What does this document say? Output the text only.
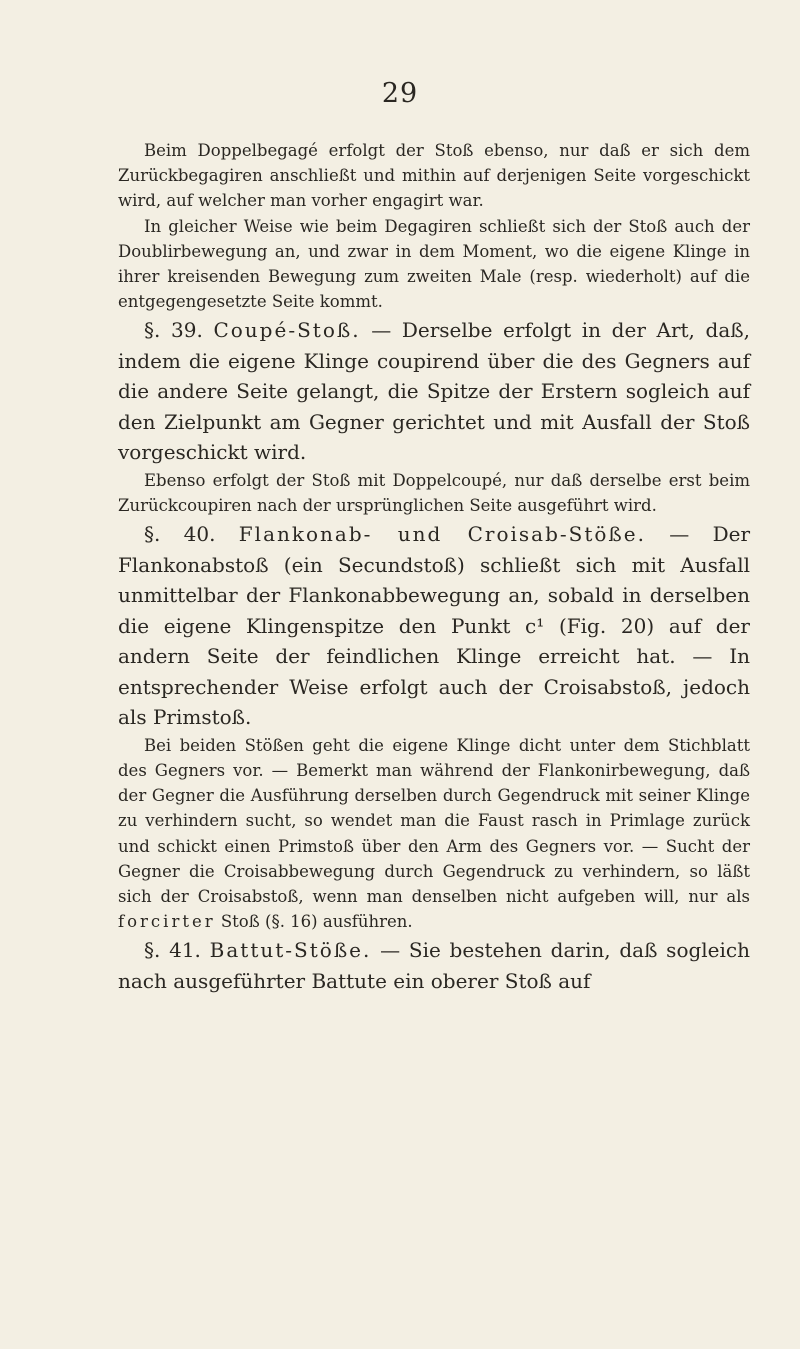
29

Beim Doppelbegagé erfolgt der Stoß ebenso, nur daß er sich dem Zurückbegagiren anschließt und mithin auf derjenigen Seite vorgeschickt wird, auf welcher man vorher engagirt war.

In gleicher Weise wie beim Degagiren schließt sich der Stoß auch der Doublirbewegung an, und zwar in dem Moment, wo die eigene Klinge in ihrer kreisenden Bewegung zum zweiten Male (resp. wiederholt) auf die entgegengesetzte Seite kommt.

§. 39. Coupé-Stoß. — Derselbe erfolgt in der Art, daß, indem die eigene Klinge coupirend über die des Gegners auf die andere Seite gelangt, die Spitze der Erstern sogleich auf den Zielpunkt am Gegner gerichtet und mit Ausfall der Stoß vorgeschickt wird.

Ebenso erfolgt der Stoß mit Doppelcoupé, nur daß derselbe erst beim Zurückcoupiren nach der ursprünglichen Seite ausgeführt wird.

§. 40. Flankonab- und Croisab-Stöße. — Der Flankonabstoß (ein Secundstoß) schließt sich mit Ausfall unmittelbar der Flankonabbewegung an, sobald in derselben die eigene Klingenspitze den Punkt c¹ (Fig. 20) auf der andern Seite der feindlichen Klinge erreicht hat. — In entsprechender Weise erfolgt auch der Croisabstoß, jedoch als Primstoß.

Bei beiden Stößen geht die eigene Klinge dicht unter dem Stichblatt des Gegners vor. — Bemerkt man während der Flankonirbewegung, daß der Gegner die Ausführung derselben durch Gegendruck mit seiner Klinge zu verhindern sucht, so wendet man die Faust rasch in Primlage zurück und schickt einen Primstoß über den Arm des Gegners vor. — Sucht der Gegner die Croisabbewegung durch Gegendruck zu verhindern, so läßt sich der Croisabstoß, wenn man denselben nicht aufgeben will, nur als forcirter Stoß (§. 16) ausführen.

§. 41. Battut-Stöße. — Sie bestehen darin, daß sogleich nach ausgeführter Battute ein oberer Stoß auf
